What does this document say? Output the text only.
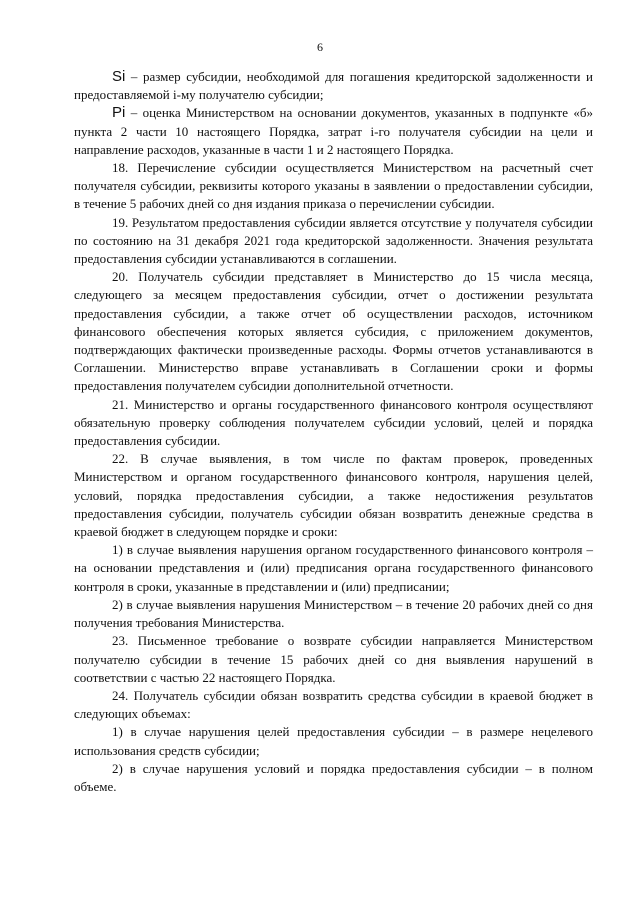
6

Si – размер субсидии, необходимой для погашения кредиторской задолженности и предоставляемой i-му получателю субсидии;

Pi – оценка Министерством на основании документов, указанных в подпункте «б» пункта 2 части 10 настоящего Порядка, затрат i-го получателя субсидии на цели и направление расходов, указанные в части 1 и 2 настоящего Порядка.

18. Перечисление субсидии осуществляется Министерством на расчетный счет получателя субсидии, реквизиты которого указаны в заявлении о предоставлении субсидии, в течение 5 рабочих дней со дня издания приказа о перечислении субсидии.

19. Результатом предоставления субсидии является отсутствие у получателя субсидии по состоянию на 31 декабря 2021 года кредиторской задолженности. Значения результата предоставления субсидии устанавливаются в соглашении.

20. Получатель субсидии представляет в Министерство до 15 числа месяца, следующего за месяцем предоставления субсидии, отчет о достижении результата предоставления субсидии, а также отчет об осуществлении расходов, источником финансового обеспечения которых является субсидия, с приложением документов, подтверждающих фактически произведенные расходы. Формы отчетов устанавливаются в Соглашении. Министерство вправе устанавливать в Соглашении сроки и формы предоставления получателем субсидии дополнительной отчетности.

21. Министерство и органы государственного финансового контроля осуществляют обязательную проверку соблюдения получателем субсидии условий, целей и порядка предоставления субсидии.

22. В случае выявления, в том числе по фактам проверок, проведенных Министерством и органом государственного финансового контроля, нарушения целей, условий, порядка предоставления субсидии, а также недостижения результатов предоставления субсидии, получатель субсидии обязан возвратить денежные средства в краевой бюджет в следующем порядке и сроки:

1) в случае выявления нарушения органом государственного финансового контроля – на основании представления и (или) предписания органа государственного финансового контроля в сроки, указанные в представлении и (или) предписании;

2) в случае выявления нарушения Министерством – в течение 20 рабочих дней со дня получения требования Министерства.

23. Письменное требование о возврате субсидии направляется Министерством получателю субсидии в течение 15 рабочих дней со дня выявления нарушений в соответствии с частью 22 настоящего Порядка.

24. Получатель субсидии обязан возвратить средства субсидии в краевой бюджет в следующих объемах:

1) в случае нарушения целей предоставления субсидии – в размере нецелевого использования средств субсидии;

2) в случае нарушения условий и порядка предоставления субсидии – в полном объеме.
